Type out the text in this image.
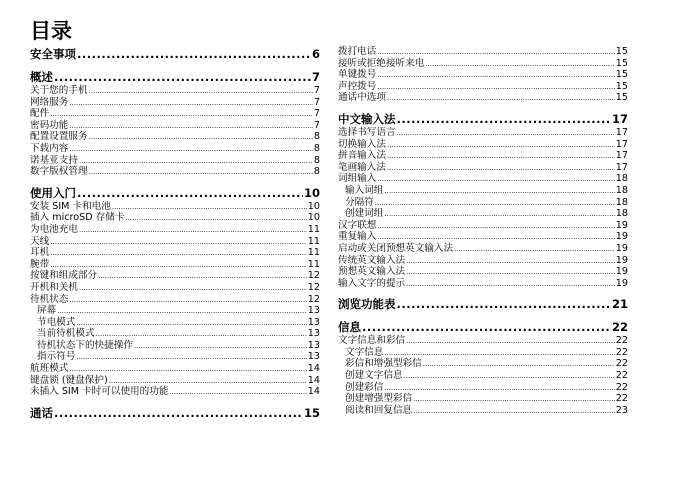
目录
安全事项 .....	6
概述 .....	7
关于您的手机 .....	7
网络服务 .....	7
配件 .....	7
密码功能 .....	7
配置设置服务 .....	8
下载内容 .....	8
诺基亚支持 .....	8
数字版权管理 .....	8
使用入门 .....	10
安装 SIM 卡和电池 .....	10
插入 microSD 存储卡 .....	10
为电池充电 .....	11
天线 .....	11
耳机 .....	11
腕带 .....	11
按键和组成部分 .....	12
开机和关机 .....	12
待机状态 .....	12
屏幕 .....	13
节电模式 .....	13
当前待机模式 .....	13
待机状态下的快捷操作 .....	13
指示符号 .....	13
航班模式 .....	14
键盘锁 (键盘保护) .....	14
未插入 SIM 卡时可以使用的功能 .....	14
通话 .....	15
拨打电话 .....	15
接听或拒绝接听来电 .....	15
单键拨号 .....	15
声控拨号 .....	15
通话中选项 .....	15
中文输入法 .....	17
选择书写语言 .....	17
切换输入法 .....	17
拼音输入法 .....	17
笔画输入法 .....	17
词组输入 .....	18
输入词组 .....	18
分隔符 .....	18
创建词组 .....	18
汉字联想 .....	19
重复输入 .....	19
启动或关闭预想英文输入法 .....	19
传统英文输入法 .....	19
预想英文输入法 .....	19
输入文字的提示 .....	19
浏览功能表 .....	21
信息 .....	22
文字信息和彩信 .....	22
文字信息 .....	22
彩信和增强型彩信 .....	22
创建文字信息 .....	22
创建彩信 .....	22
创建增强型彩信 .....	22
阅读和回复信息 .....	23
